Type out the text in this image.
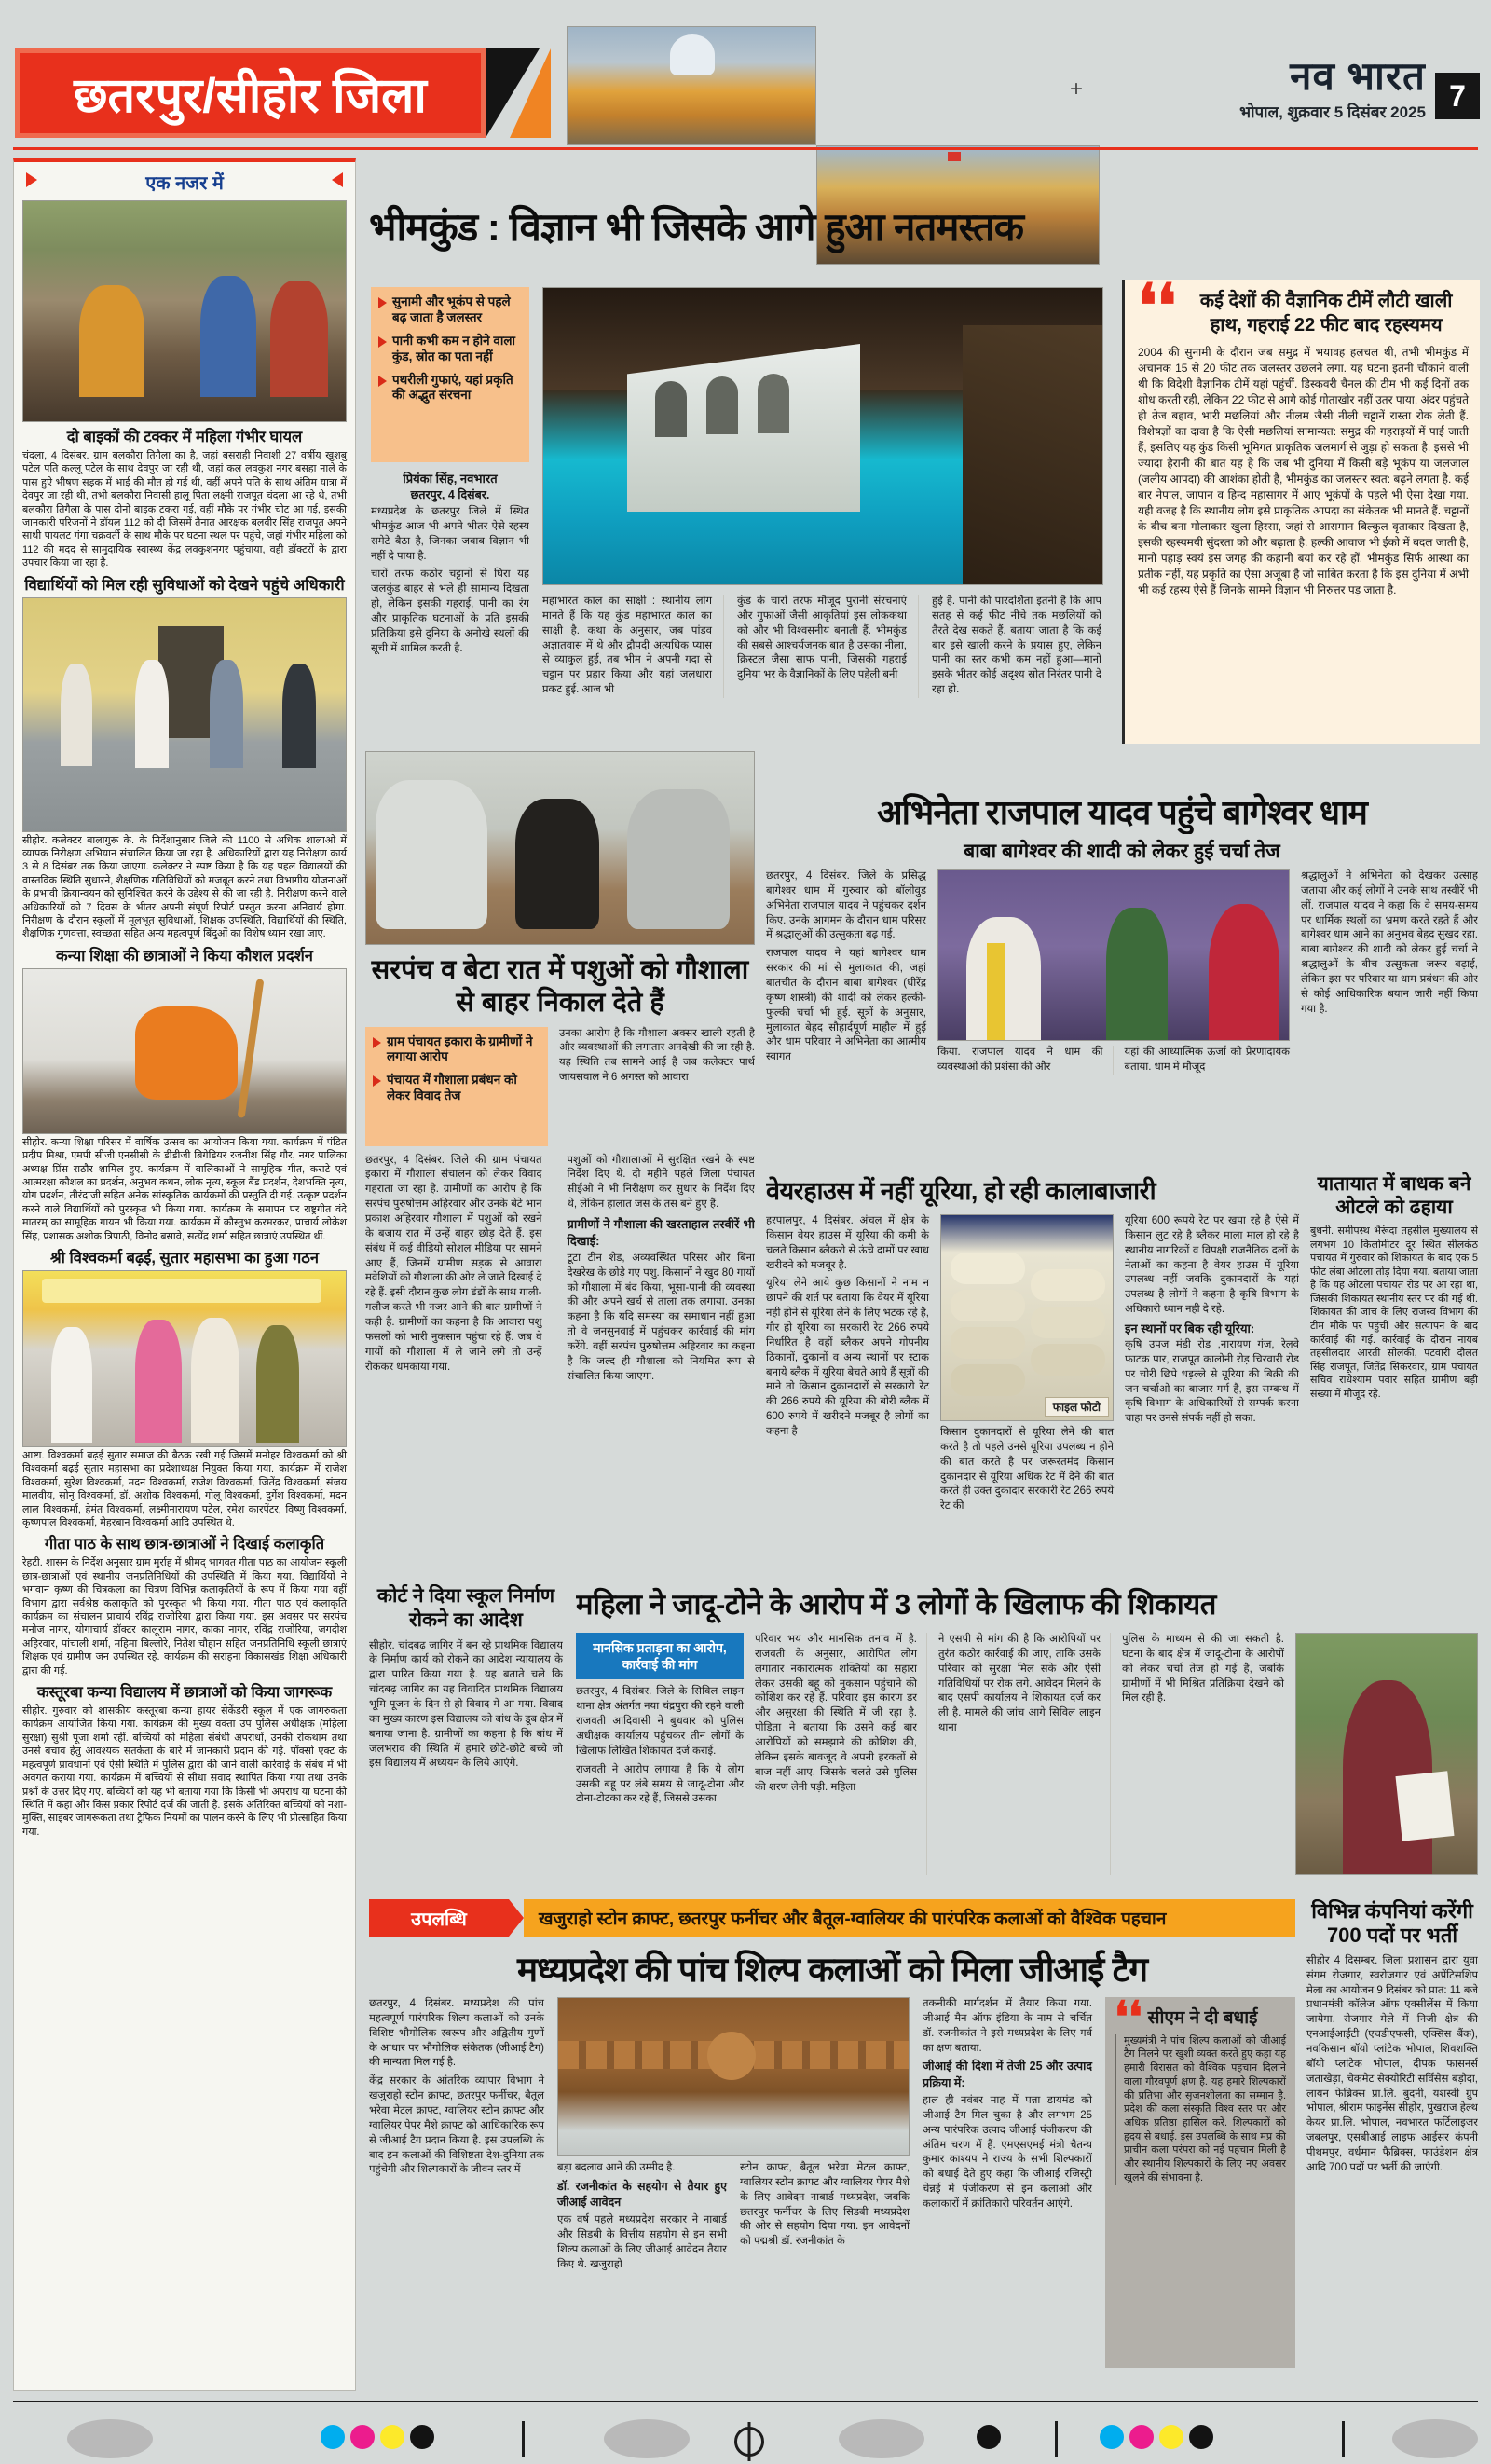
छतरपुर/सीहोर जिला	+	नव भारत
भोपाल, शुक्रवार 5 दिसंबर 2025 7
एक नजर में
दो बाइकों की टक्कर में महिला गंभीर घायल
चंदला, 4 दिसंबर. ग्राम बलकौरा तिगैला का है, जहां बसराही निवाशी 27 वर्षीय खुशबु पटेल पति कल्लू पटेल के साथ देवपुर जा रही थी, जहां कल लवकुश नगर बसहा नाले के पास हुऐ भीषण सड़क में भाई की मौत हो गई थी, वहीं अपने पति के साथ अंतिम यात्रा में देवपुर जा रही थी, तभी बलकौरा निवासी हालू पिता लक्ष्मी राजपूत चंदला आ रहे थे, तभी बलकौरा तिगैला के पास दोनों बाइक टकरा गई, वहीं मौके पर गंभीर चोट आ गई, इसकी जानकारी परिजनों ने डॉयल 112 को दी जिसमें तैनात आरक्षक बलवीर सिंह राजपूत अपने साथी पायलट गंगा चक्रवर्ती के साथ मौके पर घटना स्थल पर पहुंचे, जहां गंभीर महिला को 112 की मदद से सामुदायिक स्वास्थ्य केंद्र लवकुशनगर पहुंचाया, वही डॉक्टरों के द्वारा उपचार किया जा रहा है.
विद्यार्थियों को मिल रही सुविधाओं को देखने पहुंचे अधिकारी
सीहोर. कलेक्टर बालागुरू के. के निर्देशानुसार जिले की 1100 से अधिक शालाओं में व्यापक निरीक्षण अभियान संचालित किया जा रहा है. अधिकारियों द्वारा यह निरीक्षण कार्य 3 से 8 दिसंबर तक किया जाएगा. कलेक्टर ने स्पष्ट किया है कि यह पहल विद्यालयों की वास्तविक स्थिति सुधारने, शैक्षणिक गतिविधियों को मजबूत करने तथा विभागीय योजनाओं के प्रभावी क्रियान्वयन को सुनिश्चित करने के उद्देश्य से की जा रही है. निरीक्षण करने वाले अधिकारियों को 7 दिवस के भीतर अपनी संपूर्ण रिपोर्ट प्रस्तुत करना अनिवार्य होगा. निरीक्षण के दौरान स्कूलों में मूलभूत सुविधाओं, शिक्षक उपस्थिति, विद्यार्थियों की स्थिति, शैक्षणिक गुणवत्ता, स्वच्छता सहित अन्य महत्वपूर्ण बिंदुओं का विशेष ध्यान रखा जाए.
कन्या शिक्षा की छात्राओं ने किया कौशल प्रदर्शन
सीहोर. कन्या शिक्षा परिसर में वार्षिक उत्सव का आयोजन किया गया. कार्यक्रम में पंडित प्रदीप मिश्रा, एमपी सीजी एनसीसी के डीडीजी ब्रिगेडियर रजनीश सिंह गौर, नगर पालिका अध्यक्ष प्रिंस राठौर शामिल हुए. कार्यक्रम में बालिकाओं ने सामूहिक गीत, कराटे एवं आत्मरक्षा कौशल का प्रदर्शन, अनुभव कथन, लोक नृत्य, स्कूल बैंड प्रदर्शन, देशभक्ति नृत्य, योग प्रदर्शन, तीरंदाजी सहित अनेक सांस्कृतिक कार्यक्रमों की प्रस्तुति दी गई. उत्कृष्ट प्रदर्शन करने वाले विद्यार्थियों को पुरस्कृत भी किया गया. कार्यक्रम के समापन पर राष्ट्रगीत वंदे मातरम् का सामूहिक गायन भी किया गया. कार्यक्रम में कौस्तुभ करमरकर, प्राचार्य लोकेश सिंह, प्रशासक अशोक त्रिपाठी, विनोद बसावे, सत्येंद्र शर्मा सहित छात्राएं उपस्थित थीं.
श्री विश्वकर्मा बढ़ई, सुतार महासभा का हुआ गठन
आष्टा. विश्वकर्मा बढ़ई सुतार समाज की बैठक रखी गई जिसमें मनोहर विश्वकर्मा को श्री विश्वकर्मा बढ़ई सुतार महासभा का प्रदेशाध्यक्ष नियुक्त किया गया. कार्यक्रम में राजेश विश्वकर्मा, सुरेश विश्वकर्मा, मदन विश्वकर्मा, राजेश विश्वकर्मा, जितेंद्र विश्वकर्मा, संजय मालवीय, सोनू विश्वकर्मा, डॉ. अशोक विश्वकर्मा, गोलू विश्वकर्मा, दुर्गेश विश्वकर्मा, मदन लाल विश्वकर्मा, हेमंत विश्वकर्मा, लक्ष्मीनारायण पटेल, रमेश कारपेंटर, विष्णु विश्वकर्मा, कृष्णपाल विश्वकर्मा, मेहरबान विश्वकर्मा आदि उपस्थित थे.
गीता पाठ के साथ छात्र-छात्राओं ने दिखाई कलाकृति
रेहटी. शासन के निर्देश अनुसार ग्राम मुर्राह में श्रीमद् भागवत गीता पाठ का आयोजन स्कूली छात्र-छात्राओं एवं स्थानीय जनप्रतिनिधियों की उपस्थिति में किया गया. विद्यार्थियों ने भगवान कृष्ण की चित्रकला का चित्रण विभिन्न कलाकृतियों के रूप में किया गया वहीं विभाग द्वारा सर्वश्रेष्ठ कलाकृति को पुरस्कृत भी किया गया. गीता पाठ एवं कलाकृति कार्यक्रम का संचालन प्राचार्य रविंद्र राजोरिया द्वारा किया गया. इस अवसर पर सरपंच मनोज नागर, योगाचार्य डॉक्टर कालूराम नागर, काका नागर, रविंद्र राजोरिया, जगदीश अहिरवार, पांचाली शर्मा, महिमा बिल्लोरे, नितेश चौहान सहित जनप्रतिनिधि स्कूली छात्राएं शिक्षक एवं ग्रामीण जन उपस्थित रहे. कार्यक्रम की सराहना विकासखंड शिक्षा अधिकारी द्वारा की गई.
कस्तूरबा कन्या विद्यालय में छात्राओं को किया जागरूक
सीहोर. गुरुवार को शासकीय कस्तूरबा कन्या हायर सेकेंडरी स्कूल में एक जागरुकता कार्यक्रम आयोजित किया गया. कार्यक्रम की मुख्य वक्ता उप पुलिस अधीक्षक (महिला सुरक्षा) सुश्री पूजा शर्मा रहीं. बच्चियों को महिला संबंधी अपराधों, उनकी रोकथाम तथा उनसे बचाव हेतु आवश्यक सतर्कता के बारे में जानकारी प्रदान की गई. पॉक्सो एक्ट के महत्वपूर्ण प्रावधानों एवं ऐसी स्थिति में पुलिस द्वारा की जाने वाली कार्रवाई के संबंध में भी अवगत कराया गया. कार्यक्रम में बच्चियों से सीधा संवाद स्थापित किया गया तथा उनके प्रश्नों के उत्तर दिए गए. बच्चियों को यह भी बताया गया कि किसी भी अपराध या घटना की स्थिति में कहां और किस प्रकार रिपोर्ट दर्ज की जाती है. इसके अतिरिक्त बच्चियों को नशा-मुक्ति, साइबर जागरूकता तथा ट्रैफिक नियमों का पालन करने के लिए भी प्रोत्साहित किया गया.
भीमकुंड : विज्ञान भी जिसके आगे हुआ नतमस्तक
सुनामी और भूकंप से पहले बढ़ जाता है जलस्तर
पानी कभी कम न होने वाला कुंड, स्रोत का पता नहीं
पथरीली गुफाएं, यहां प्रकृति की अद्भुत संरचना
प्रियंका सिंह, नवभारत
छतरपुर, 4 दिसंबर.
मध्यप्रदेश के छतरपुर जिले में स्थित भीमकुंड आज भी अपने भीतर ऐसे रहस्य समेटे बैठा है, जिनका जवाब विज्ञान भी नहीं दे पाया है.
चारों तरफ कठोर चट्टानों से घिरा यह जलकुंड बाहर से भले ही सामान्य दिखता हो, लेकिन इसकी गहराई, पानी का रंग और प्राकृतिक घटनाओं के प्रति इसकी प्रतिक्रिया इसे दुनिया के अनोखे स्थलों की सूची में शामिल करती है.
महाभारत काल का साक्षी : स्थानीय लोग मानते हैं कि यह कुंड महाभारत काल का साक्षी है. कथा के अनुसार, जब पांडव अज्ञातवास में थे और द्रौपदी अत्यधिक प्यास से व्याकुल हुई, तब भीम ने अपनी गदा से चट्टान पर प्रहार किया और यहां जलधारा प्रकट हुई. आज भी
कुंड के चारों तरफ मौजूद पुरानी संरचनाएं और गुफाओं जैसी आकृतियां इस लोककथा को और भी विश्वसनीय बनाती हैं. भीमकुंड की सबसे आश्चर्यजनक बात है उसका नीला, क्रिस्टल जैसा साफ पानी, जिसकी गहराई दुनिया भर के वैज्ञानिकों के लिए पहेली बनी
हुई है. पानी की पारदर्शिता इतनी है कि आप सतह से कई फीट नीचे तक मछलियों को तैरते देख सकते हैं. बताया जाता है कि कई बार इसे खाली करने के प्रयास हुए, लेकिन पानी का स्तर कभी कम नहीं हुआ—मानो इसके भीतर कोई अदृश्य स्रोत निरंतर पानी दे रहा हो.
❛❛	कई देशों की वैज्ञानिक टीमें लौटी खाली हाथ, गहराई 22 फीट बाद रहस्यमय
2004 की सुनामी के दौरान जब समुद्र में भयावह हलचल थी, तभी भीमकुंड में अचानक 15 से 20 फीट तक जलस्तर उछलने लगा. यह घटना इतनी चौंकाने वाली थी कि विदेशी वैज्ञानिक टीमें यहां पहुंचीं. डिस्कवरी चैनल की टीम भी कई दिनों तक शोध करती रही, लेकिन 22 फीट से आगे कोई गोताखोर नहीं उतर पाया. अंदर पहुंचते ही तेज बहाव, भारी मछलियां और नीलम जैसी नीली चट्टानें रास्ता रोक लेती हैं. विशेषज्ञों का दावा है कि ऐसी मछलियां सामान्यत: समुद्र की गहराइयों में पाई जाती हैं, इसलिए यह कुंड किसी भूमिगत प्राकृतिक जलमार्ग से जुड़ा हो सकता है. इससे भी ज्यादा हैरानी की बात यह है कि जब भी दुनिया में किसी बड़े भूकंप या जलजाल (जलीय आपदा) की आशंका होती है, भीमकुंड का जलस्तर स्वत: बढ़ने लगता है. कई बार नेपाल, जापान व हिन्द महासागर में आए भूकंपों के पहले भी ऐसा देखा गया. यही वजह है कि स्थानीय लोग इसे प्राकृतिक आपदा का संकेतक भी मानते हैं. चट्टानों के बीच बना गोलाकार खुला हिस्सा, जहां से आसमान बिल्कुल वृताकार दिखता है, इसकी रहस्यमयी सुंदरता को और बढ़ाता है. हल्की आवाज भी ईको में बदल जाती है, मानो पहाड़ स्वयं इस जगह की कहानी बयां कर रहे हों. भीमकुंड सिर्फ आस्था का प्रतीक नहीं, यह प्रकृति का ऐसा अजूबा है जो साबित करता है कि इस दुनिया में अभी भी कई रहस्य ऐसे हैं जिनके सामने विज्ञान भी निरुत्तर पड़ जाता है.
सरपंच व बेटा रात में पशुओं को गौशाला से बाहर निकाल देते हैं
ग्राम पंचायत इकारा के ग्रामीणों ने लगाया आरोप
पंचायत में गौशाला प्रबंधन को लेकर विवाद तेज
उनका आरोप है कि गौशाला अक्सर खाली रहती है और व्यवस्थाओं की लगातार अनदेखी की जा रही है. यह स्थिति तब सामने आई है जब कलेक्टर पार्थ जायसवाल ने 6 अगस्त को आवारा
छतरपुर, 4 दिसंबर. जिले की ग्राम पंचायत इकारा में गौशाला संचालन को लेकर विवाद गहराता जा रहा है. ग्रामीणों का आरोप है कि सरपंच पुरुषोत्तम अहिरवार और उनके बेटे भान प्रकाश अहिरवार गौशाला में पशुओं को रखने के बजाय रात में उन्हें बाहर छोड़ देते हैं. इस संबंध में कई वीडियो सोशल मीडिया पर सामने आए हैं, जिनमें ग्रामीण सड़क से आवारा मवेशियों को गौशाला की ओर ले जाते दिखाई दे रहे हैं. इसी दौरान कुछ लोग डंडों के साथ गाली-गलौज करते भी नजर आने की बात ग्रामीणों ने कही है. ग्रामीणों का कहना है कि आवारा पशु फसलों को भारी नुकसान पहुंचा रहे हैं. जब वे गायों को गौशाला में ले जाने लगे तो उन्हें रोककर धमकाया गया.
पशुओं को गौशालाओं में सुरक्षित रखने के स्पष्ट निर्देश दिए थे. दो महीने पहले जिला पंचायत सीईओ ने भी निरीक्षण कर सुधार के निर्देश दिए थे, लेकिन हालात जस के तस बने हुए हैं.
ग्रामीणों ने गौशाला की खस्ताहाल तस्वीरें भी दिखाई:
टूटा टीन शेड, अव्यवस्थित परिसर और बिना देखरेख के छोड़े गए पशु. किसानों ने खुद 80 गायों को गौशाला में बंद किया, भूसा-पानी की व्यवस्था की और अपने खर्च से ताला तक लगाया. उनका कहना है कि यदि समस्या का समाधान नहीं हुआ तो वे जनसुनवाई में पहुंचकर कार्रवाई की मांग करेंगे. वहीं सरपंच पुरुषोत्तम अहिरवार का कहना है कि जल्द ही गौशाला को नियमित रूप से संचालित किया जाएगा.
अभिनेता राजपाल यादव पहुंचे बागेश्वर धाम
बाबा बागेश्वर की शादी को लेकर हुई चर्चा तेज
छतरपुर, 4 दिसंबर. जिले के प्रसिद्ध बागेश्वर धाम में गुरुवार को बॉलीवुड अभिनेता राजपाल यादव ने पहुंचकर दर्शन किए. उनके आगमन के दौरान धाम परिसर में श्रद्धालुओं की उत्सुकता बढ़ गई.
राजपाल यादव ने यहां बागेश्वर धाम सरकार की मां से मुलाकात की, जहां बातचीत के दौरान बाबा बागेश्वर (धीरेंद्र कृष्ण शास्त्री) की शादी को लेकर हल्की-फुल्की चर्चा भी हुई. सूत्रों के अनुसार, मुलाकात बेहद सौहार्दपूर्ण माहौल में हुई और धाम परिवार ने अभिनेता का आत्मीय स्वागत	किया. राजपाल यादव ने धाम की व्यवस्थाओं की प्रशंसा की और
यहां की आध्यात्मिक ऊर्जा को प्रेरणादायक बताया. धाम में मौजूद
श्रद्धालुओं ने अभिनेता को देखकर उत्साह जताया और कई लोगों ने उनके साथ तस्वीरें भी लीं. राजपाल यादव ने कहा कि वे समय-समय पर धार्मिक स्थलों का भ्रमण करते रहते हैं और बागेश्वर धाम आने का अनुभव बेहद सुखद रहा. बाबा बागेश्वर की शादी को लेकर हुई चर्चा ने श्रद्धालुओं के बीच उत्सुकता जरूर बढ़ाई, लेकिन इस पर परिवार या धाम प्रबंधन की ओर से कोई आधिकारिक बयान जारी नहीं किया गया है.
वेयरहाउस में नहीं यूरिया, हो रही कालाबाजारी
हरपालपुर, 4 दिसंबर. अंचल में क्षेत्र के किसान वेयर हाउस में यूरिया की कमी के चलते किसान ब्लैकरो से ऊंचे दामों पर खाध खरीदने को मजबूर है.
यूरिया लेने आये कुछ किसानों ने नाम न छापने की शर्त पर बताया कि वेयर में यूरिया नही होने से यूरिया लेने के लिए भटक रहे है, गौर हो यूरिया का सरकारी रेट 266 रुपये निर्धारित है वहीं ब्लैकर अपने गोपनीय ठिकानों, दुकानों व अन्य स्थानों पर स्टाक बनाये ब्लैक में यूरिया बेचते आये हैं सूत्रों की माने तो किसान दुकानदारों से सरकारी रेट की 266 रुपये की यूरिया की बोरी ब्लैक में 600 रुपये में खरीदने मजबूर है लोगों का कहना है
फाइल फोटो
किसान दुकानदारों से यूरिया लेने की बात करते है तो पहले उनसे यूरिया उपलब्ध न होने की बात करते है पर जरूरतमंद किसान दुकानदार से यूरिया अधिक रेट में देने की बात करते ही उक्त दुकादार सरकारी रेट 266 रुपये रेट की
यूरिया 600 रूपये रेट पर खपा रहे है ऐसे में किसान लुट रहे है ब्लैकर माला माल हो रहे है स्थानीय नागरिकों व विपक्षी राजनैतिक दलों के नेताओं का कहना है वेयर हाउस में यूरिया उपलब्ध नहीं जबकि दुकानदारों के यहां उपलब्ध है लोगों ने कहना है कृषि विभाग के अधिकारी ध्यान नही दे रहे.
इन स्थानों पर बिक रही यूरिया:
कृषि उपज मंडी रोड ,नारायण गंज, रेलवे फाटक पार, राजपूत कालोनी रोड़ चिरवारी रोड पर चोरी छिपे धड़ल्ले से यूरिया की बिक्री की जन चर्चाओ का बाजार गर्म है, इस सम्बन्ध में कृषि विभाग के अधिकारियों से सम्पर्क करना चाहा पर उनसे संपर्क नहीं हो सका.
यातायात में बाधक बने ओटले को ढहाया
बुधनी. समीपस्थ भैरूंदा तहसील मुख्यालय से लगभग 10 किलोमीटर दूर स्थित सीलकंठ पंचायत में गुरुवार को शिकायत के बाद एक 5 फीट लंबा ओटला तोड़ दिया गया. बताया जाता है कि यह ओटला पंचायत रोड पर आ रहा था, जिसकी शिकायत स्थानीय स्तर पर की गई थी. शिकायत की जांच के लिए राजस्व विभाग की टीम मौके पर पहुंची और सत्यापन के बाद कार्रवाई की गई. कार्रवाई के दौरान नायब तहसीलदार आरती सोलंकी, पटवारी दौलत सिंह राजपूत, जितेंद्र सिकरवार, ग्राम पंचायत सचिव राधेश्याम पवार सहित ग्रामीण बड़ी संख्या में मौजूद रहे.
कोर्ट ने दिया स्कूल निर्माण रोकने का आदेश
सीहोर. चांदबढ़ जागिर में बन रहे प्राथमिक विद्यालय के निर्माण कार्य को रोकने का आदेश न्यायालय के द्वारा पारित किया गया है. यह बताते चले कि चांदबढ़ जागिर का यह विवादित प्राथमिक विद्यालय भूमि पूजन के दिन से ही विवाद में आ गया. विवाद का मुख्य कारण इस विद्यालय को बांध के डूब क्षेत्र में बनाया जाना है. ग्रामीणों का कहना है कि बांध में जलभराव की स्थिति में हमारे छोटे-छोटे बच्चे जो इस विद्यालय में अध्ययन के लिये आएंगे.
महिला ने जादू-टोने के आरोप में 3 लोगों के खिलाफ की शिकायत
मानसिक प्रताड़ना का आरोप, कार्रवाई की मांग
छतरपुर, 4 दिसंबर. जिले के सिविल लाइन थाना क्षेत्र अंतर्गत नया चंद्रपुरा की रहने वाली राजवती आदिवासी ने बुधवार को पुलिस अधीक्षक कार्यालय पहुंचकर तीन लोगों के खिलाफ लिखित शिकायत दर्ज कराई.
राजवती ने आरोप लगाया है कि ये लोग उसकी बहू पर लंबे समय से जादू-टोना और टोना-टोटका कर रहे हैं, जिससे उसका
परिवार भय और मानसिक तनाव में है. राजवती के अनुसार, आरोपित लोग लगातार नकारात्मक शक्तियों का सहारा लेकर उसकी बहू को नुकसान पहुंचाने की कोशिश कर रहे हैं. परिवार इस कारण डर और असुरक्षा की स्थिति में जी रहा है. पीड़िता ने बताया कि उसने कई बार आरोपियों को समझाने की कोशिश की, लेकिन इसके बावजूद वे अपनी हरकतों से बाज नहीं आए, जिसके चलते उसे पुलिस की शरण लेनी पड़ी. महिला
ने एसपी से मांग की है कि आरोपियों पर तुरंत कठोर कार्रवाई की जाए, ताकि उसके परिवार को सुरक्षा मिल सके और ऐसी गतिविधियों पर रोक लगे. आवेदन मिलने के बाद एसपी कार्यालय ने शिकायत दर्ज कर ली है. मामले की जांच आगे सिविल लाइन थाना
पुलिस के माध्यम से की जा सकती है. घटना के बाद क्षेत्र में जादू-टोना के आरोपों को लेकर चर्चा तेज हो गई है, जबकि ग्रामीणों में भी मिश्रित प्रतिक्रिया देखने को मिल रही है.
उपलब्धि	खजुराहो स्टोन क्राफ्ट, छतरपुर फर्नीचर और बैतूल-ग्वालियर की पारंपरिक कलाओं को वैश्विक पहचान
मध्यप्रदेश की पांच शिल्प कलाओं को मिला जीआई टैग
छतरपुर, 4 दिसंबर. मध्यप्रदेश की पांच महत्वपूर्ण पारंपरिक शिल्प कलाओं को उनके विशिष्ट भौगोलिक स्वरूप और अद्वितीय गुणों के आधार पर भौगोलिक संकेतक (जीआई टैग) की मान्यता मिल गई है.
केंद्र सरकार के आंतरिक व्यापार विभाग ने खजुराहो स्टोन क्राफ्ट, छतरपुर फर्नीचर, बैतूल भरेवा मेटल क्राफ्ट, ग्वालियर स्टोन क्राफ्ट और ग्वालियर पेपर मैशे क्राफ्ट को आधिकारिक रूप से जीआई टैग प्रदान किया है. इस उपलब्धि के बाद इन कलाओं की विशिष्टता देश-दुनिया तक पहुंचेगी और शिल्पकारों के जीवन स्तर में	बड़ा बदलाव आने की उम्मीद है.
डॉ. रजनीकांत के सहयोग से तैयार हुए जीआई आवेदन
एक वर्ष पहले मध्यप्रदेश सरकार ने नाबार्ड और सिडबी के वित्तीय सहयोग से इन सभी शिल्प कलाओं के लिए जीआई आवेदन तैयार किए थे. खजुराहो
स्टोन क्राफ्ट, बैतूल भरेवा मेटल क्राफ्ट, ग्वालियर स्टोन क्राफ्ट और ग्वालियर पेपर मैशे के लिए आवेदन नाबार्ड मध्यप्रदेश, जबकि छतरपुर फर्नीचर के लिए सिडबी मध्यप्रदेश की ओर से सहयोग दिया गया. इन आवेदनों को पद्मश्री डॉ. रजनीकांत के
तकनीकी मार्गदर्शन में तैयार किया गया. जीआई मैन ऑफ इंडिया के नाम से चर्चित डॉ. रजनीकांत ने इसे मध्यप्रदेश के लिए गर्व का क्षण बताया.
जीआई की दिशा में तेजी 25 और उत्पाद प्रक्रिया में:
हाल ही नवंबर माह में पन्ना डायमंड को जीआई टैग मिल चुका है और लगभग 25 अन्य पारंपरिक उत्पाद जीआई पंजीकरण की अंतिम चरण में हैं. एमएसएमई मंत्री चैतन्य कुमार काश्यप ने राज्य के सभी शिल्पकारों को बधाई देते हुए कहा कि जीआई रजिस्ट्री चेन्नई में पंजीकरण से इन कलाओं और कलाकारों में क्रांतिकारी परिवर्तन आएंगे.
❛❛ सीएम ने दी बधाई
मुख्यमंत्री ने पांच शिल्प कलाओं को जीआई टैग मिलने पर खुशी व्यक्त करते हुए कहा यह हमारी विरासत को वैश्विक पहचान दिलाने वाला गौरवपूर्ण क्षण है. यह हमारे शिल्पकारों की प्रतिभा और सृजनशीलता का सम्मान है. प्रदेश की कला संस्कृति विश्व स्तर पर और अधिक प्रतिष्ठा हासिल करें. शिल्पकारों को हृदय से बधाई. इस उपलब्धि के साथ मप्र की प्राचीन कला परंपरा को नई पहचान मिली है और स्थानीय शिल्पकारों के लिए नए अवसर खुलने की संभावना है.
विभिन्न कंपनियां करेंगी 700 पदों पर भर्ती
सीहोर 4 दिसम्बर. जिला प्रशासन द्वारा युवा संगम रोजगार, स्वरोजगार एवं अप्रेंटिसशिप मेला का आयोजन 9 दिसंबर को प्रात: 11 बजे प्रधानमंत्री कॉलेज ऑफ एक्सीलेंस में किया जायेगा. रोजगार मेले में निजी क्षेत्र की एनआईआईटी (एचडीएफसी, एक्सिस बैंक), नवकिसान बॉयो प्लांटेक भोपाल, शिवशक्ति बॉयो प्लांटेक भोपाल, दीपक फासनर्स जताखेड़ा, चेकमेट सेक्योरिटी सर्विसेस बड़ौदा, लायन फेब्रिक्स प्रा.लि. बुदनी, यशस्वी ग्रुप भोपाल, श्रीराम फाइनेंस सीहोर, पुखराज हेल्थ केयर प्रा.लि. भोपाल, नवभारत फर्टिलाइजर जबलपुर, एसबीआई लाइफ आईसर कंपनी पीथमपुर, वर्धमान फैब्रिक्स, फाउंडेशन क्षेत्र आदि 700 पदों पर भर्ती की जाएंगी.
